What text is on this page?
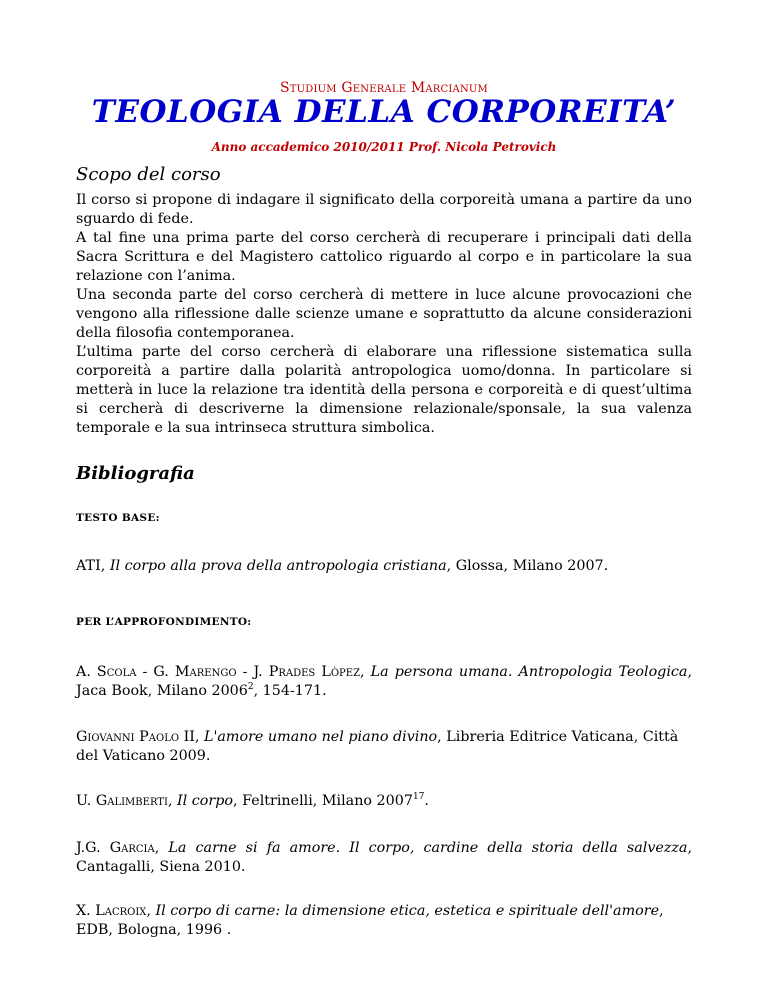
Studium Generale Marcianum
TEOLOGIA DELLA CORPOREITA’
Anno accademico 2010/2011 Prof. Nicola Petrovich
Scopo del corso

Il corso si propone di indagare il significato della corporeità umana a partire da uno sguardo di fede.

A tal fine una prima parte del corso cercherà di recuperare i principali dati della Sacra Scrittura e del Magistero cattolico riguardo al corpo e in particolare la sua relazione con l’anima.

Una seconda parte del corso cercherà di mettere in luce alcune provocazioni che vengono alla riflessione dalle scienze umane e soprattutto da alcune considerazioni della filosofia contemporanea.

L’ultima parte del corso cercherà di elaborare una riflessione sistematica sulla corporeità a partire dalla polarità antropologica uomo/donna. In particolare si metterà in luce la relazione tra identità della persona e corporeità e di quest’ultima si cercherà di descriverne la dimensione relazionale/sponsale, la sua valenza temporale e la sua intrinseca struttura simbolica.

Bibliografia
TESTO BASE:
ATI, Il corpo alla prova della antropologia cristiana, Glossa, Milano 2007.
PER L’APPROFONDIMENTO:
A. Scola - G. Marengo - J. Prades Lòpez, La persona umana. Antropologia Teologica, Jaca Book, Milano 2006$^2$, 154-171.
Giovanni Paolo II, L'amore umano nel piano divino, Libreria Editrice Vaticana, Città del Vaticano 2009.
U. Galimberti, Il corpo, Feltrinelli, Milano 2007$^{17}$.
J.G. Garcia, La carne si fa amore. Il corpo, cardine della storia della salvezza, Cantagalli, Siena 2010.
X. Lacroix, Il corpo di carne: la dimensione etica, estetica e spirituale dell'amore, EDB, Bologna, 1996 .
